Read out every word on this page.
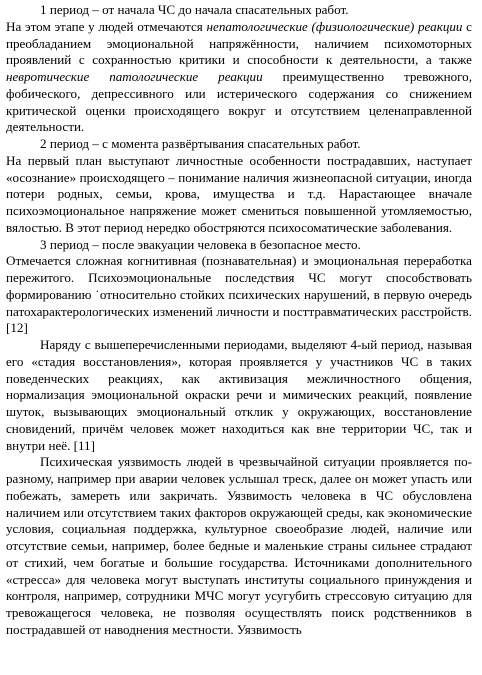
1 период – от начала ЧС до начала спасательных работ.

На этом этапе у людей отмечаются непатологические (физиологические) реакции с преобладанием эмоциональной напряжённости, наличием психомоторных проявлений с сохранностью критики и способности к деятельности, а также невротические патологические реакции преимущественно тревожного, фобического, депрессивного или истерического содержания со снижением критической оценки происходящего вокруг и отсутствием целенаправленной деятельности.

2 период – с момента развёртывания спасательных работ.

На первый план выступают личностные особенности пострадавших, наступает «осознание» происходящего – понимание наличия жизнеопасной ситуации, иногда потери родных, семьи, крова, имущества и т.д. Нарастающее вначале психоэмоциональное напряжение может смениться повышенной утомляемостью, вялостью. В этот период нередко обостряются психосоматические заболевания.

3 период – после эвакуации человека в безопасное место.

Отмечается сложная когнитивная (познавательная) и эмоциональная переработка пережитого. Психоэмоциональные последствия ЧС могут способствовать формированию ˙относительно стойких психических нарушений, в первую очередь патохарактерологических изменений личности и посттравматических расстройств. [12]

Наряду с вышеперечисленными периодами, выделяют 4-ый период, называя его «стадия восстановления», которая проявляется у участников ЧС в таких поведенческих реакциях, как активизация межличностного общения, нормализация эмоциональной окраски речи и мимических реакций, появление шуток, вызывающих эмоциональный отклик у окружающих, восстановление сновидений, причём человек может находиться как вне территории ЧС, так и внутри неё. [11]

Психическая уязвимость людей в чрезвычайной ситуации проявляется по-разному, например при аварии человек услышал треск, далее он может упасть или побежать, замереть или закричать. Уязвимость человека в ЧС обусловлена наличием или отсутствием таких факторов окружающей среды, как экономические условия, социальная поддержка, культурное своеобразие людей, наличие или отсутствие семьи, например, более бедные и маленькие страны сильнее страдают от стихий, чем богатые и большие государства. Источниками дополнительного «стресса» для человека могут выступать институты социального принуждения и контроля, например, сотрудники МЧС могут усугубить стрессовую ситуацию для тревожащегося человека, не позволяя осуществлять поиск родственников в пострадавшей от наводнения местности. Уязвимость
